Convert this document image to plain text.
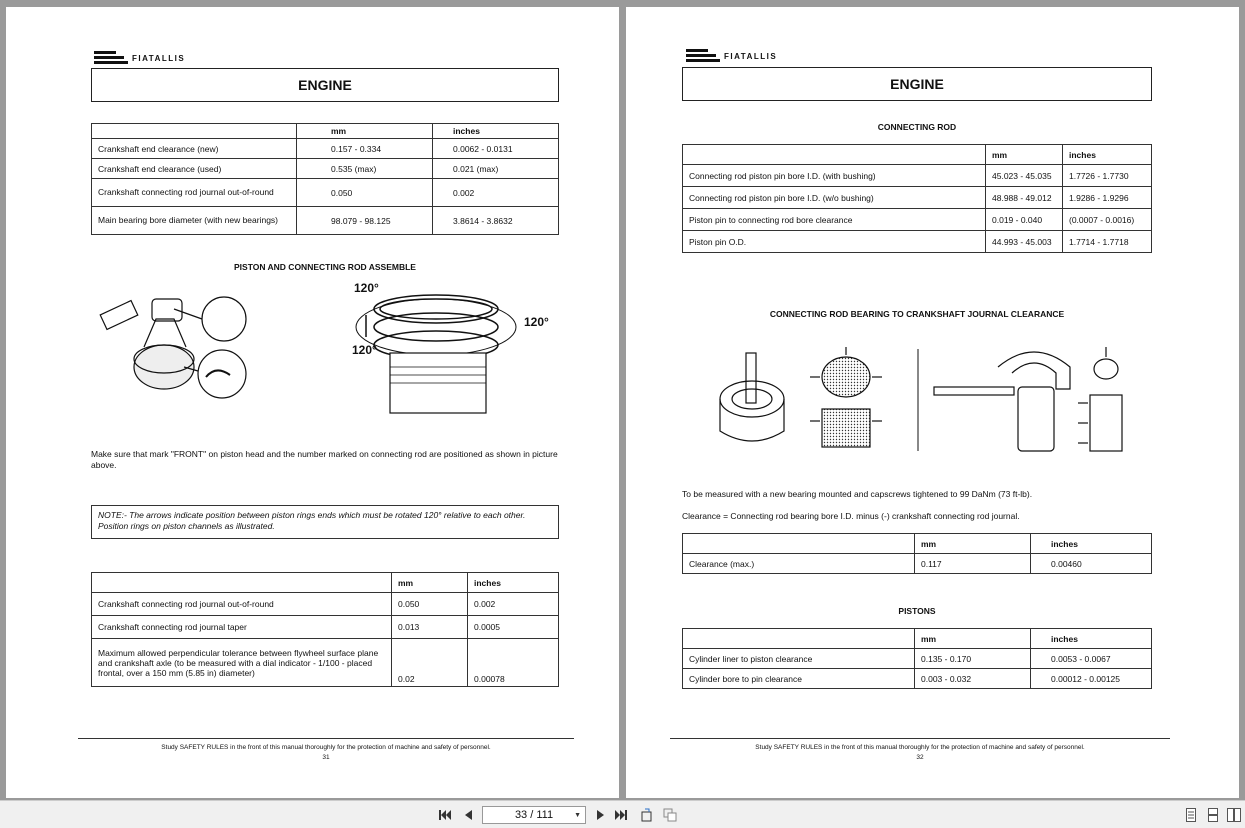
FIATALLIS
ENGINE
	mm	inches
Crankshaft end clearance (new)	0.157 - 0.334	0.0062 - 0.0131
Crankshaft end clearance (used)	0.535 (max)	0.021 (max)
Crankshaft connecting rod journal out-of-round	0.050	0.002
Main bearing bore diameter (with new bearings)	98.079 - 98.125	3.8614 - 3.8632
PISTON AND CONNECTING ROD ASSEMBLE
120°
120°
120°
Make sure that mark "FRONT" on piston head and the number marked on connecting rod are positioned as shown in picture above.
NOTE:- The arrows indicate position between piston rings ends which must be rotated 120° relative to each other. Position rings on piston channels as illustrated.
	mm	inches
Crankshaft connecting rod journal out-of-round	0.050	0.002
Crankshaft connecting rod journal taper	0.013	0.0005
Maximum allowed perpendicular tolerance between flywheel surface plane and crankshaft axle (to be measured with a dial indicator - 1/100 - placed frontal, over a 150 mm (5.85 in) diameter)	0.02	0.00078
Study SAFETY RULES in the front of this manual thoroughly for the protection of machine and safety of personnel.
31
FIATALLIS
ENGINE
CONNECTING ROD
	mm	inches
Connecting rod piston pin bore I.D. (with bushing)	45.023 - 45.035	1.7726 - 1.7730
Connecting rod piston pin bore I.D. (w/o bushing)	48.988 - 49.012	1.9286 - 1.9296
Piston pin to connecting rod bore clearance	0.019 - 0.040	(0.0007 - 0.0016)
Piston pin O.D.	44.993 - 45.003	1.7714 - 1.7718
CONNECTING ROD BEARING TO CRANKSHAFT JOURNAL CLEARANCE
To be measured with a new bearing mounted and capscrews tightened to 99 DaNm (73 ft-lb).
Clearance = Connecting rod bearing bore I.D. minus (-) crankshaft connecting rod journal.
	mm	inches
Clearance (max.)	0.117	0.00460
PISTONS
	mm	inches
Cylinder liner to piston clearance	0.135 - 0.170	0.0053 - 0.0067
Cylinder bore to pin clearance	0.003 - 0.032	0.00012 - 0.00125
Study SAFETY RULES in the front of this manual thoroughly for the protection of machine and safety of personnel.
32
33 / 111	▼
